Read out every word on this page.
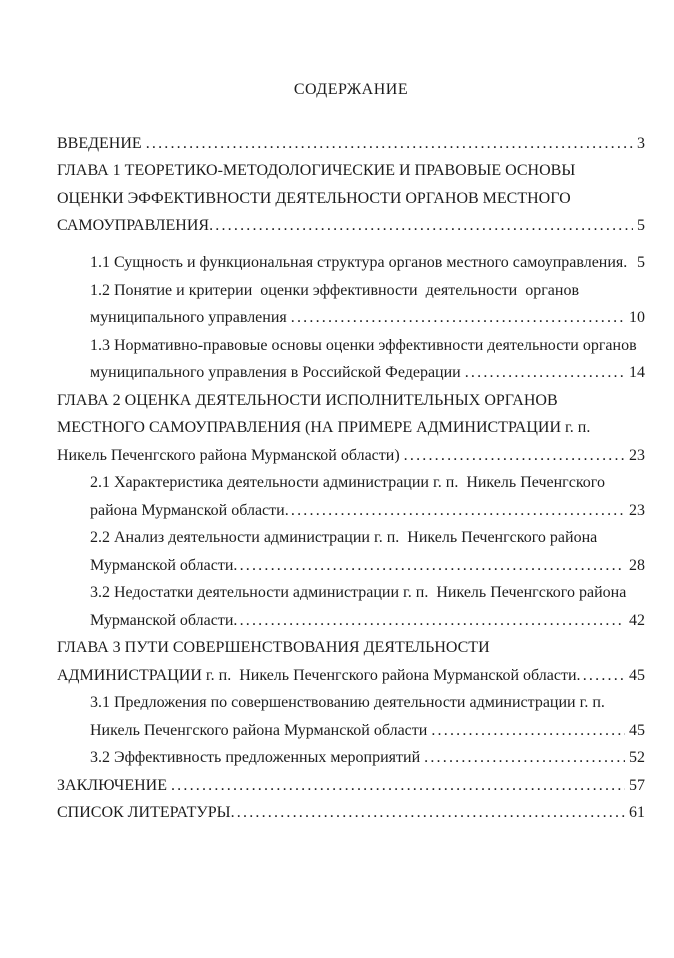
СОДЕРЖАНИЕ
ВВЕДЕНИЕ .....	3
ГЛАВА 1 ТЕОРЕТИКО-МЕТОДОЛОГИЧЕСКИЕ И ПРАВОВЫЕ ОСНОВЫ
ОЦЕНКИ ЭФФЕКТИВНОСТИ ДЕЯТЕЛЬНОСТИ ОРГАНОВ МЕСТНОГО
САМОУПРАВЛЕНИЯ .....	5
1.1 Сущность и функциональная структура органов местного самоуправления. 5
1.2 Понятие и критерии  оценки эффективности  деятельности  органов
муниципального управления .....	10
1.3 Нормативно-правовые основы оценки эффективности деятельности органов
муниципального управления в Российской Федерации .....	14
ГЛАВА 2 ОЦЕНКА ДЕЯТЕЛЬНОСТИ ИСПОЛНИТЕЛЬНЫХ ОРГАНОВ
МЕСТНОГО САМОУПРАВЛЕНИЯ (НА ПРИМЕРЕ АДМИНИСТРАЦИИ г. п.
Никель Печенгского района Мурманской области) .....	23
2.1 Характеристика деятельности администрации г. п.  Никель Печенгского
района Мурманской области .....	23
2.2 Анализ деятельности администрации г. п.  Никель Печенгского района
Мурманской области .....	28
3.2 Недостатки деятельности администрации г. п.  Никель Печенгского района
Мурманской области .....	42
ГЛАВА 3 ПУТИ СОВЕРШЕНСТВОВАНИЯ ДЕЯТЕЛЬНОСТИ
АДМИНИСТРАЦИИ г. п.  Никель Печенгского района Мурманской области .....	45
3.1 Предложения по совершенствованию деятельности администрации г. п.
Никель Печенгского района Мурманской области .....	45
3.2 Эффективность предложенных мероприятий .....	52
ЗАКЛЮЧЕНИЕ .....	57
СПИСОК ЛИТЕРАТУРЫ .....	61
